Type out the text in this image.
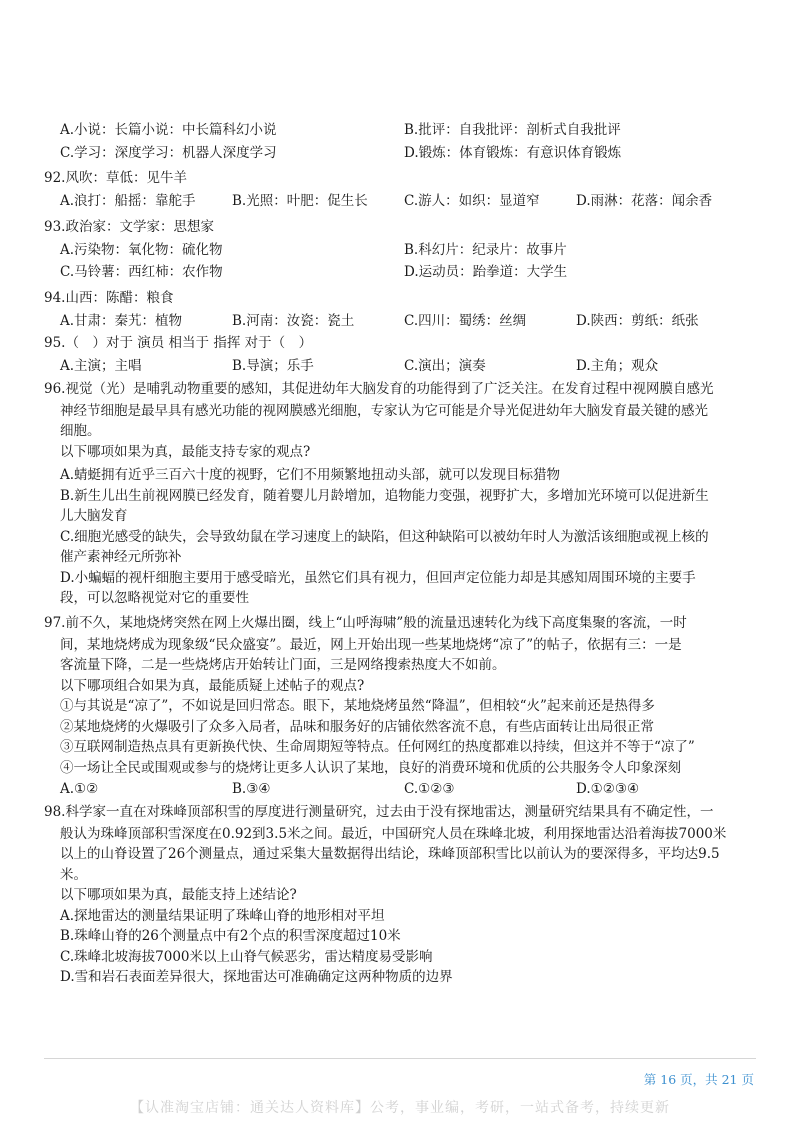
A.小说：长篇小说：中长篇科幻小说	B.批评：自我批评：剖析式自我批评
C.学习：深度学习：机器人深度学习	D.锻炼：体育锻炼：有意识体育锻炼
92.风吹：草低：见牛羊
A.浪打：船摇：靠舵手	B.光照：叶肥：促生长	C.游人：如织：显道窄	D.雨淋：花落：闻余香
93.政治家：文学家：思想家
A.污染物：氧化物：硫化物	B.科幻片：纪录片：故事片
C.马铃薯：西红柿：农作物	D.运动员：跆拳道：大学生
94.山西：陈醋：粮食
A.甘肃：秦艽：植物	B.河南：汝瓷：瓷土	C.四川：蜀绣：丝绸	D.陕西：剪纸：纸张
95.（　）对于 演员 相当于 指挥 对于（　）
A.主演；主唱	B.导演；乐手	C.演出；演奏	D.主角；观众
96.视觉（光）是哺乳动物重要的感知，其促进幼年大脑发育的功能得到了广泛关注。在发育过程中视网膜自感光
神经节细胞是最早具有感光功能的视网膜感光细胞，专家认为它可能是介导光促进幼年大脑发育最关键的感光
细胞。
以下哪项如果为真，最能支持专家的观点?
A.蜻蜓拥有近乎三百六十度的视野，它们不用频繁地扭动头部，就可以发现目标猎物
B.新生儿出生前视网膜已经发育，随着婴儿月龄增加，追物能力变强，视野扩大，多增加光环境可以促进新生
儿大脑发育
C.细胞光感受的缺失，会导致幼鼠在学习速度上的缺陷，但这种缺陷可以被幼年时人为激活该细胞或视上核的
催产素神经元所弥补
D.小蝙蝠的视杆细胞主要用于感受暗光，虽然它们具有视力，但回声定位能力却是其感知周围环境的主要手
段，可以忽略视觉对它的重要性
97.前不久，某地烧烤突然在网上火爆出圈，线上“山呼海啸”般的流量迅速转化为线下高度集聚的客流，一时
间，某地烧烤成为现象级“民众盛宴”。最近，网上开始出现一些某地烧烤“凉了”的帖子，依据有三：一是
客流量下降，二是一些烧烤店开始转让门面，三是网络搜索热度大不如前。
以下哪项组合如果为真，最能质疑上述帖子的观点?
①与其说是“凉了”，不如说是回归常态。眼下，某地烧烤虽然“降温”，但相较“火”起来前还是热得多
②某地烧烤的火爆吸引了众多入局者，品味和服务好的店铺依然客流不息，有些店面转让出局很正常
③互联网制造热点具有更新换代快、生命周期短等特点。任何网红的热度都难以持续，但这并不等于“凉了”
④一场让全民或围观或参与的烧烤让更多人认识了某地，良好的消费环境和优质的公共服务令人印象深刻
A.①②	B.③④	C.①②③	D.①②③④
98.科学家一直在对珠峰顶部积雪的厚度进行测量研究，过去由于没有探地雷达，测量研究结果具有不确定性，一
般认为珠峰顶部积雪深度在0.92到3.5米之间。最近，中国研究人员在珠峰北坡，利用探地雷达沿着海拔7000米
以上的山脊设置了26个测量点，通过采集大量数据得出结论，珠峰顶部积雪比以前认为的要深得多，平均达9.5
米。
以下哪项如果为真，最能支持上述结论?
A.探地雷达的测量结果证明了珠峰山脊的地形相对平坦
B.珠峰山脊的26个测量点中有2个点的积雪深度超过10米
C.珠峰北坡海拔7000米以上山脊气候恶劣，雷达精度易受影响
D.雪和岩石表面差异很大，探地雷达可准确确定这两种物质的边界
第 16 页，共 21 页
【认准淘宝店铺：通关达人资料库】公考，事业编，考研，一站式备考，持续更新
